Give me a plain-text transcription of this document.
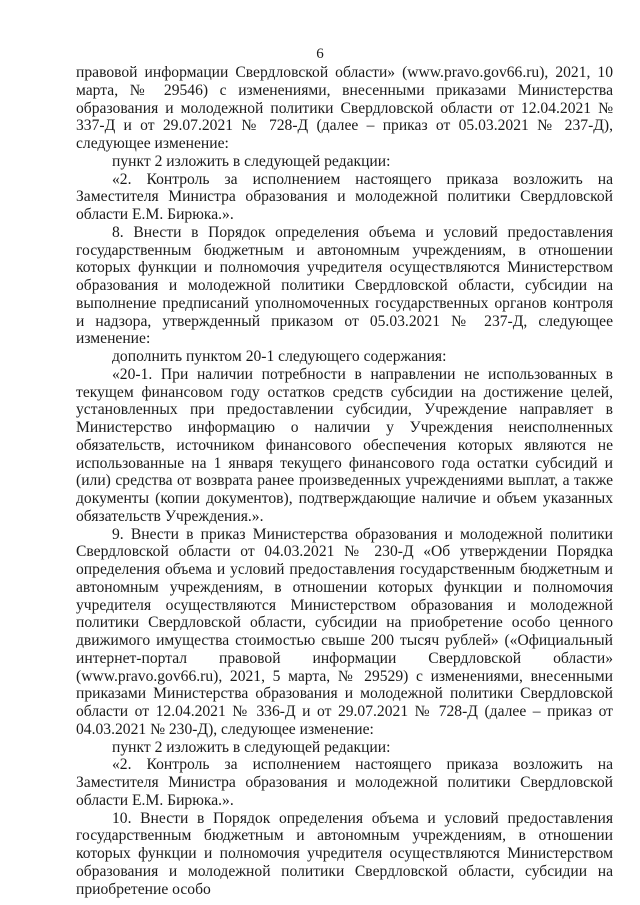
6

правовой информации Свердловской области» (www.pravo.gov66.ru), 2021, 10 марта, № 29546) с изменениями, внесенными приказами Министерства образования и молодежной политики Свердловской области от 12.04.2021 № 337-Д и от 29.07.2021 № 728-Д (далее – приказ от 05.03.2021 № 237-Д), следующее изменение:

пункт 2 изложить в следующей редакции:

«2. Контроль за исполнением настоящего приказа возложить на Заместителя Министра образования и молодежной политики Свердловской области Е.М. Бирюка.».

8. Внести в Порядок определения объема и условий предоставления государственным бюджетным и автономным учреждениям, в отношении которых функции и полномочия учредителя осуществляются Министерством образования и молодежной политики Свердловской области, субсидии на выполнение предписаний уполномоченных государственных органов контроля и надзора, утвержденный приказом от 05.03.2021 № 237-Д, следующее изменение:

дополнить пунктом 20-1 следующего содержания:

«20-1. При наличии потребности в направлении не использованных в текущем финансовом году остатков средств субсидии на достижение целей, установленных при предоставлении субсидии, Учреждение направляет в Министерство информацию о наличии у Учреждения неисполненных обязательств, источником финансового обеспечения которых являются не использованные на 1 января текущего финансового года остатки субсидий и (или) средства от возврата ранее произведенных учреждениями выплат, а также документы (копии документов), подтверждающие наличие и объем указанных обязательств Учреждения.».

9. Внести в приказ Министерства образования и молодежной политики Свердловской области от 04.03.2021 № 230-Д «Об утверждении Порядка определения объема и условий предоставления государственным бюджетным и автономным учреждениям, в отношении которых функции и полномочия учредителя осуществляются Министерством образования и молодежной политики Свердловской области, субсидии на приобретение особо ценного движимого имущества стоимостью свыше 200 тысяч рублей» («Официальный интернет-портал правовой информации Свердловской области» (www.pravo.gov66.ru), 2021, 5 марта, № 29529) с изменениями, внесенными приказами Министерства образования и молодежной политики Свердловской области от 12.04.2021 № 336-Д и от 29.07.2021 № 728-Д (далее – приказ от 04.03.2021 № 230-Д), следующее изменение:

пункт 2 изложить в следующей редакции:

«2. Контроль за исполнением настоящего приказа возложить на Заместителя Министра образования и молодежной политики Свердловской области Е.М. Бирюка.».

10. Внести в Порядок определения объема и условий предоставления государственным бюджетным и автономным учреждениям, в отношении которых функции и полномочия учредителя осуществляются Министерством образования и молодежной политики Свердловской области, субсидии на приобретение особо
